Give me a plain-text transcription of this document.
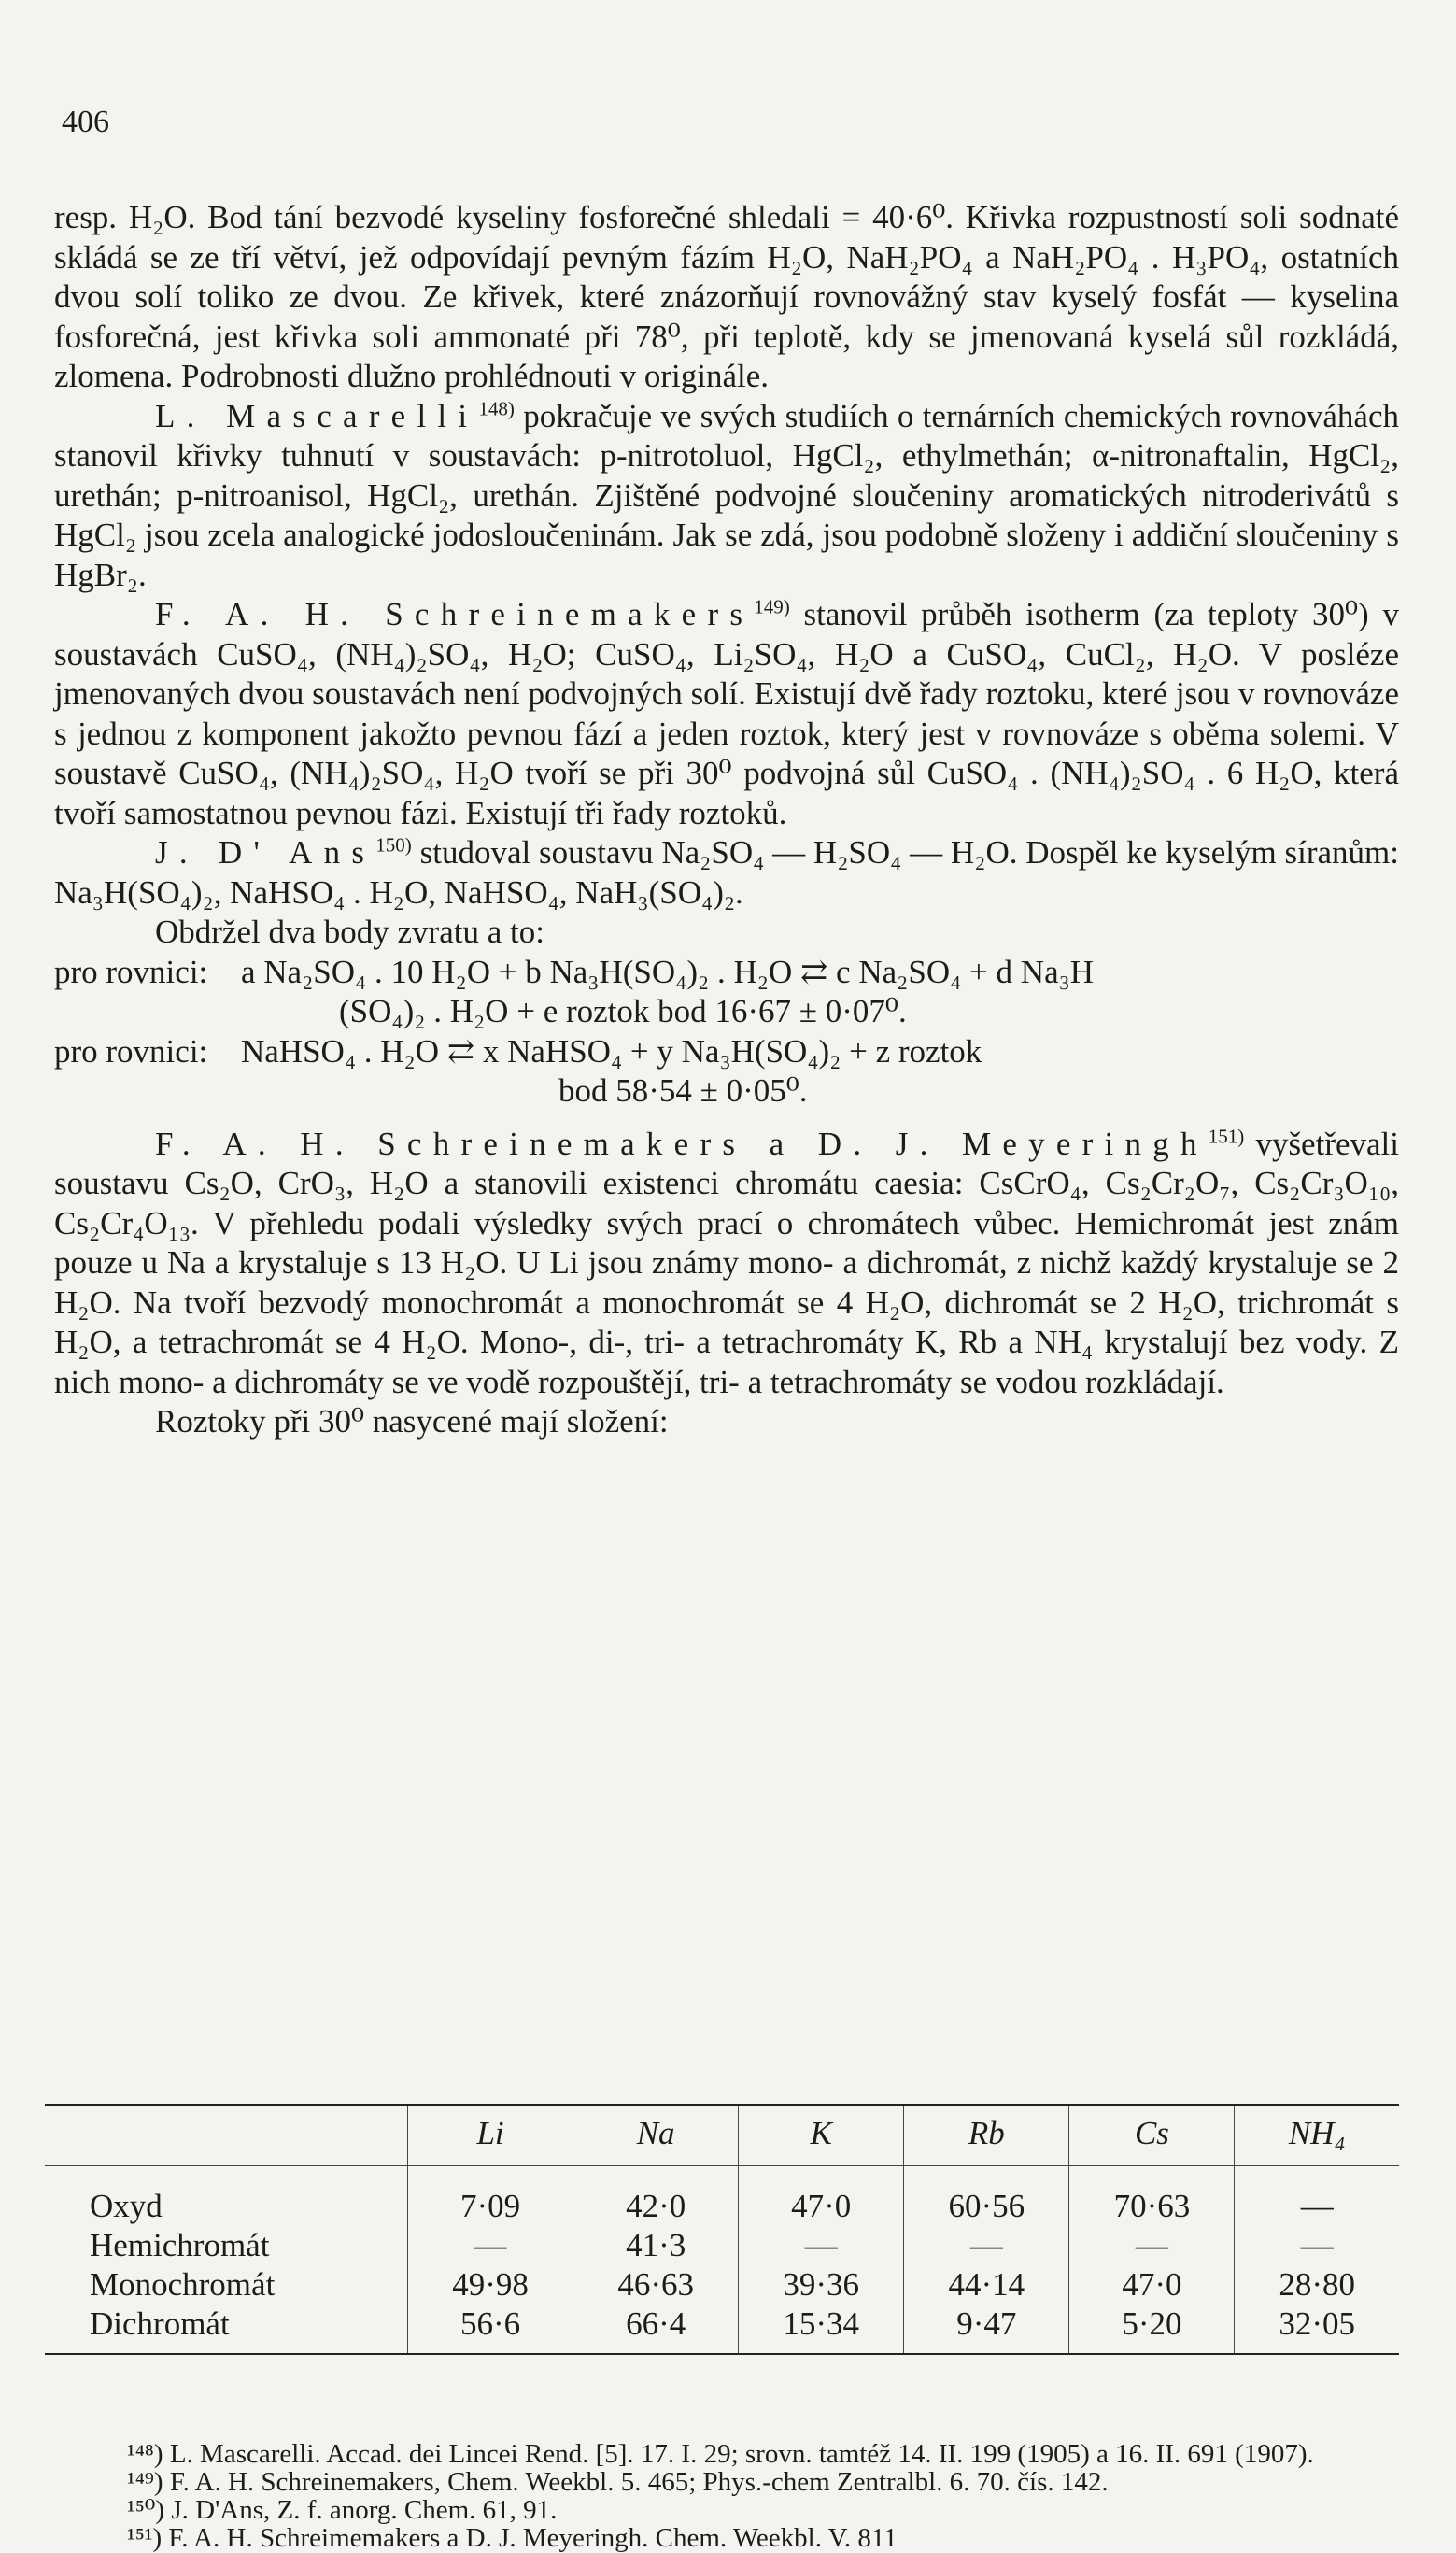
406

resp. H₂O. Bod tání bezvodé kyseliny fosforečné shledali = 40·6⁰. Křivka rozpustností soli sodnaté skládá se ze tří větví, jež odpovídají pevným fázím H₂O, NaH₂PO₄ a NaH₂PO₄ . H₃PO₄, ostatních dvou solí toliko ze dvou. Ze křivek, které znázorňují rovnovážný stav kyselý fosfát — kyselina fosforečná, jest křivka soli ammonaté při 78⁰, při teplotě, kdy se jmenovaná kyselá sůl rozkládá, zlomena. Podrobnosti dlužno prohlédnouti v originále.

L. Mascarelli$^{148)}$ pokračuje ve svých studiích o ternárních chemických rovnováhách stanovil křivky tuhnutí v soustavách: p-nitrotoluol, HgCl₂, ethylmethán; α-nitronaftalin, HgCl₂, urethán; p-nitroanisol, HgCl₂, urethán. Zjištěné podvojné sloučeniny aromatických nitroderivátů s HgCl₂ jsou zcela analogické jodosloučeninám. Jak se zdá, jsou podobně složeny i addiční sloučeniny s HgBr₂.

F. A. H. Schreinemakers$^{149)}$ stanovil průběh isotherm (za teploty 30⁰) v soustavách CuSO₄, (NH₄)₂SO₄, H₂O; CuSO₄, Li₂SO₄, H₂O a CuSO₄, CuCl₂, H₂O. V posléze jmenovaných dvou soustavách není podvojných solí. Existují dvě řady roztoku, které jsou v rovnováze s jednou z komponent jakožto pevnou fází a jeden roztok, který jest v rovnováze s oběma solemi. V soustavě CuSO₄, (NH₄)₂SO₄, H₂O tvoří se při 30⁰ podvojná sůl CuSO₄ . (NH₄)₂SO₄ . 6 H₂O, která tvoří samostatnou pevnou fázi. Existují tři řady roztoků.

J. D' Ans$^{150)}$ studoval soustavu Na₂SO₄ — H₂SO₄ — H₂O. Dospěl ke kyselým síranům: Na₃H(SO₄)₂, NaHSO₄ . H₂O, NaHSO₄, NaH₃(SO₄)₂.

Obdržel dva body zvratu a to:

pro rovnici: a Na₂SO₄ . 10 H₂O + b Na₃H(SO₄)₂ . H₂O ⇄ c Na₂SO₄ + d Na₃H

(SO₄)₂ . H₂O + e roztok bod 16·67 ± 0·07⁰.

pro rovnici: NaHSO₄ . H₂O ⇄ x NaHSO₄ + y Na₃H(SO₄)₂ + z roztok

bod 58·54 ± 0·05⁰.

F. A. H. Schreinemakers a D. J. Meyeringh$^{151)}$ vyšetřevali soustavu Cs₂O, CrO₃, H₂O a stanovili existenci chromátu caesia: CsCrO₄, Cs₂Cr₂O₇, Cs₂Cr₃O₁₀, Cs₂Cr₄O₁₃. V přehledu podali výsledky svých prací o chromátech vůbec. Hemichromát jest znám pouze u Na a krystaluje s 13 H₂O. U Li jsou známy mono- a dichromát, z nichž každý krystaluje se 2 H₂O. Na tvoří bezvodý monochromát a monochromát se 4 H₂O, dichromát se 2 H₂O, trichromát s H₂O, a tetrachromát se 4 H₂O. Mono-, di-, tri- a tetrachromáty K, Rb a NH₄ krystalují bez vody. Z nich mono- a dichromáty se ve vodě rozpouštějí, tri- a tetrachromáty se vodou rozkládají.

Roztoky při 30⁰ nasycené mají složení:

	Li	Na	K	Rb	Cs	NH₄
Oxyd	7·09	42·0	47·0	60·56	70·63	—
Hemichromát	—	41·3	—	—	—	—
Monochromát	49·98	46·63	39·36	44·14	47·0	28·80
Dichromát	56·6	66·4	15·34	9·47	5·20	32·05

¹⁴⁸) L. Mascarelli. Accad. dei Lincei Rend. [5]. 17. I. 29; srovn. tamtéž 14. II. 199 (1905) a 16. II. 691 (1907).

¹⁴⁹) F. A. H. Schreinemakers, Chem. Weekbl. 5. 465; Phys.-chem Zentralbl. 6. 70. čís. 142.

¹⁵⁰) J. D'Ans, Z. f. anorg. Chem. 61, 91.

¹⁵¹) F. A. H. Schreimemakers a D. J. Meyeringh. Chem. Weekbl. V. 811
